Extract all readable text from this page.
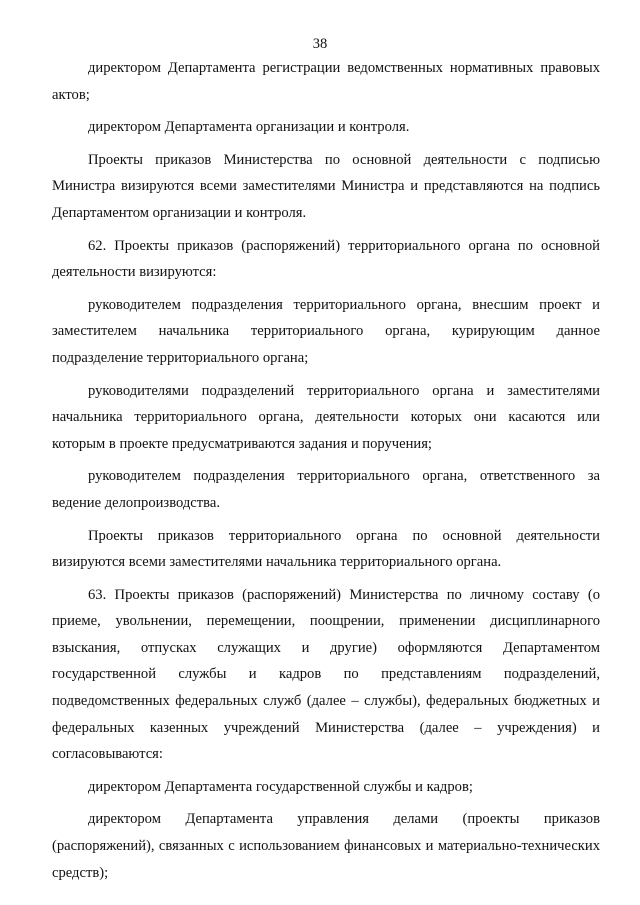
38

директором Департамента регистрации ведомственных нормативных правовых актов;

директором Департамента организации и контроля.

Проекты приказов Министерства по основной деятельности с подписью Министра визируются всеми заместителями Министра и представляются на подпись Департаментом организации и контроля.

62. Проекты приказов (распоряжений) территориального органа по основной деятельности визируются:

руководителем подразделения территориального органа, внесшим проект и заместителем начальника территориального органа, курирующим данное подразделение территориального органа;

руководителями подразделений территориального органа и заместителями начальника территориального органа, деятельности которых они касаются или которым в проекте предусматриваются задания и поручения;

руководителем подразделения территориального органа, ответственного за ведение делопроизводства.

Проекты приказов территориального органа по основной деятельности визируются всеми заместителями начальника территориального органа.

63. Проекты приказов (распоряжений) Министерства по личному составу (о приеме, увольнении, перемещении, поощрении, применении дисциплинарного взыскания, отпусках служащих и другие) оформляются Департаментом государственной службы и кадров по представлениям подразделений, подведомственных федеральных служб (далее – службы), федеральных бюджетных и федеральных казенных учреждений Министерства (далее – учреждения) и согласовываются:

директором Департамента государственной службы и кадров;

директором Департамента управления делами (проекты приказов (распоряжений), связанных с использованием финансовых и материально-технических средств);
